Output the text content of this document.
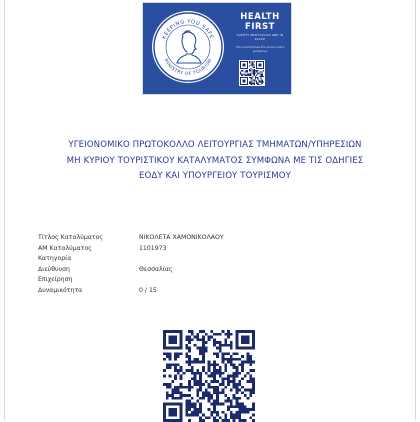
KEEPING YOU SAFE
MINISTRY OF TOURISM
HEALTH
FIRST
SAFETY PROTOCOLS ARE IN PLACE
This hotel follows the Government guidelines
ΥΓΕΙΟΝΟΜΙΚΟ ΠΡΩΤΟΚΟΛΛΟ ΛΕΙΤΟΥΡΓΙΑΣ ΤΜΗΜΑΤΩΝ/ΥΠΗΡΕΣΙΩΝ
ΜΗ ΚΥΡΙΟΥ ΤΟΥΡΙΣΤΙΚΟΥ ΚΑΤΑΛΥΜΑΤΟΣ ΣΥΜΦΩΝΑ ΜΕ ΤΙΣ ΟΔΗΓΙΕΣ
ΕΟΔΥ ΚΑΙ ΥΠΟΥΡΓΕΙΟΥ ΤΟΥΡΙΣΜΟΥ
Τίτλος Καταλύματος	ΝΙΚΟΛΕΤΑ ΧΑΜΟΝΙΚΟΛΑΟΥ
ΑΜ Καταλύματος	1101973
Κατηγορία
Διεύθυνση	Θεσσαλίας
Επιχείρηση
Δυναμικότητα	0 / 15
